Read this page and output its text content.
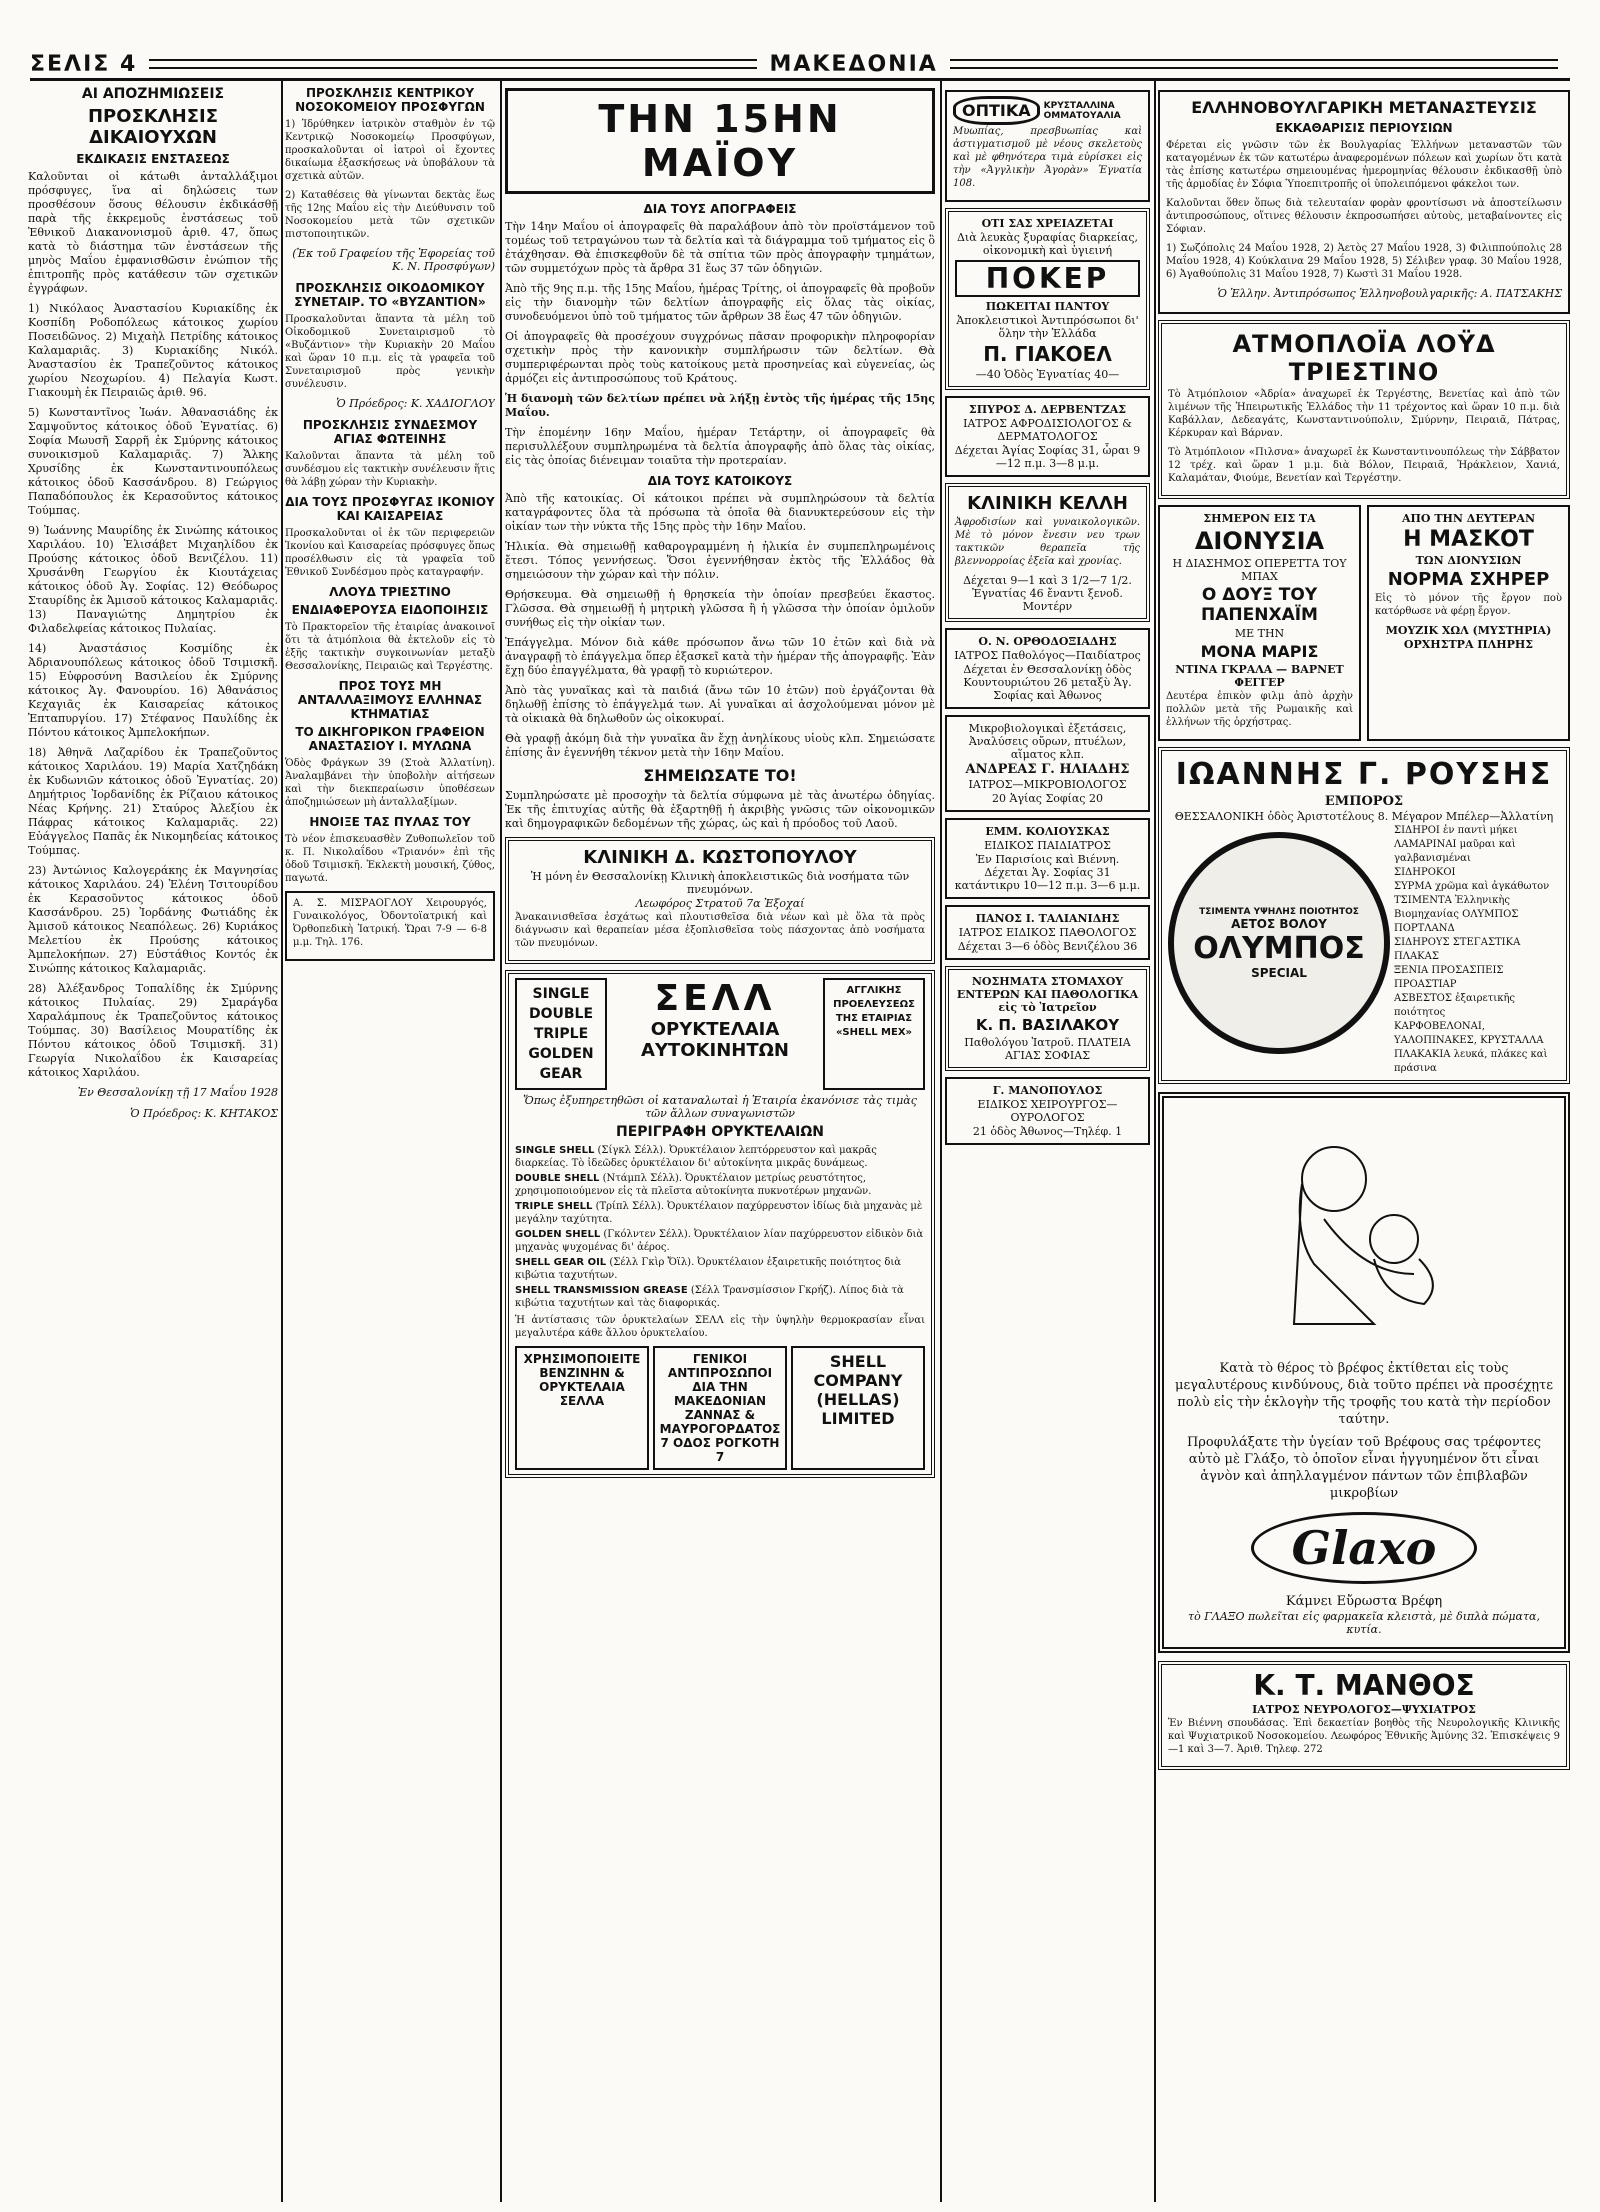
ΣΕΛΙΣ 4	ΜΑΚΕΔΟΝΙΑ
ΑΙ ΑΠΟΖΗΜΙΩΣΕΙΣ
ΠΡΟΣΚΛΗΣΙΣ ΔΙΚΑΙΟΥΧΩΝ
ΕΚΔΙΚΑΣΙΣ ΕΝΣΤΑΣΕΩΣ

Καλοῦνται οἱ κάτωθι ἀνταλλάξιμοι πρόσφυγες, ἵνα αἱ δηλώσεις των προσθέσουν ὅσους θέλουσιν ἐκδικάσθῇ παρὰ τῆς ἐκκρεμοῦς ἐνστάσεως τοῦ Ἐθνικοῦ Διακανονισμοῦ ἀριθ. 47, ὅπως κατὰ τὸ διάστημα τῶν ἐνστάσεων τῆς μηνὸς Μαΐου ἐμφανισθῶσιν ἐνώπιον τῆς ἐπιτροπῆς πρὸς κατάθεσιν τῶν σχετικῶν ἐγγράφων.

1) Νικόλαος Ἀναστασίου Κυριακίδης ἐκ Κοσπίδη Ροδοπόλεως κάτοικος χωρίου Ποσειδῶνος. 2) Μιχαὴλ Πετρίδης κάτοικος Καλαμαριᾶς. 3) Κυριακίδης Νικόλ. Ἀναστασίου ἐκ Τραπεζοῦντος κάτοικος χωρίου Νεοχωρίου. 4) Πελαγία Κωστ. Γιακουμὴ ἐκ Πειραιῶς ἀριθ. 96.

5) Κωνσταντῖνος Ἰωάν. Ἀθανασιάδης ἐκ Σαμψοῦντος κάτοικος ὁδοῦ Ἐγνατίας. 6) Σοφία Μωυσῆ Σαρρῆ ἐκ Σμύρνης κάτοικος συνοικισμοῦ Καλαμαριᾶς. 7) Ἄλκης Χρυσίδης ἐκ Κωνσταντινουπόλεως κάτοικος ὁδοῦ Κασσάνδρου. 8) Γεώργιος Παπαδόπουλος ἐκ Κερασοῦντος κάτοικος Τούμπας.

9) Ἰωάννης Μαυρίδης ἐκ Σινώπης κάτοικος Χαριλάου. 10) Ἐλισάβετ Μιχαηλίδου ἐκ Προύσης κάτοικος ὁδοῦ Βενιζέλου. 11) Χρυσάνθη Γεωργίου ἐκ Κιουτάχειας κάτοικος ὁδοῦ Ἀγ. Σοφίας. 12) Θεόδωρος Σταυρίδης ἐκ Ἀμισοῦ κάτοικος Καλαμαριᾶς. 13) Παναγιώτης Δημητρίου ἐκ Φιλαδελφείας κάτοικος Πυλαίας.

14) Ἀναστάσιος Κοσμίδης ἐκ Ἀδριανουπόλεως κάτοικος ὁδοῦ Τσιμισκῆ. 15) Εὐφροσύνη Βασιλείου ἐκ Σμύρνης κάτοικος Ἀγ. Φανουρίου. 16) Ἀθανάσιος Κεχαγιᾶς ἐκ Καισαρείας κάτοικος Ἑπταπυργίου. 17) Στέφανος Παυλίδης ἐκ Πόντου κάτοικος Ἀμπελοκήπων.

18) Ἀθηνᾶ Λαζαρίδου ἐκ Τραπεζοῦντος κάτοικος Χαριλάου. 19) Μαρία Χατζηδάκη ἐκ Κυδωνιῶν κάτοικος ὁδοῦ Ἐγνατίας. 20) Δημήτριος Ἰορδανίδης ἐκ Ρίζαιου κάτοικος Νέας Κρήνης. 21) Σταύρος Ἀλεξίου ἐκ Πάφρας κάτοικος Καλαμαριᾶς. 22) Εὐάγγελος Παπᾶς ἐκ Νικομηδείας κάτοικος Τούμπας.

23) Ἀντώνιος Καλογεράκης ἐκ Μαγνησίας κάτοικος Χαριλάου. 24) Ἑλένη Τσιτουρίδου ἐκ Κερασοῦντος κάτοικος ὁδοῦ Κασσάνδρου. 25) Ἰορδάνης Φωτιάδης ἐκ Ἀμισοῦ κάτοικος Νεαπόλεως. 26) Κυριάκος Μελετίου ἐκ Προύσης κάτοικος Ἀμπελοκήπων. 27) Εὐστάθιος Κοντός ἐκ Σινώπης κάτοικος Καλαμαριᾶς.

28) Ἀλέξανδρος Τοπαλίδης ἐκ Σμύρνης κάτοικος Πυλαίας. 29) Σμαράγδα Χαραλάμπους ἐκ Τραπεζοῦντος κάτοικος Τούμπας. 30) Βασίλειος Μουρατίδης ἐκ Πόντου κάτοικος ὁδοῦ Τσιμισκῆ. 31) Γεωργία Νικολαΐδου ἐκ Καισαρείας κάτοικος Χαριλάου.

Ἐν Θεσσαλονίκῃ τῇ 17 Μαΐου 1928
Ὁ Πρόεδρος: Κ. ΚΗΤΑΚΟΣ
ΠΡΟΣΚΛΗΣΙΣ ΚΕΝΤΡΙΚΟΥ ΝΟΣΟΚΟΜΕΙΟΥ ΠΡΟΣΦΥΓΩΝ

1) Ἱδρύθηκεν ἰατρικὸν σταθμὸν ἐν τῷ Κεντρικῷ Νοσοκομείῳ Προσφύγων, προσκαλοῦνται οἱ ἰατροὶ οἱ ἔχοντες δικαίωμα ἐξασκήσεως νὰ ὑποβάλουν τὰ σχετικὰ αὐτῶν.

2) Καταθέσεις θὰ γίνωνται δεκτὰς ἕως τῆς 12ης Μαΐου εἰς τὴν Διεύθυνσιν τοῦ Νοσοκομείου μετὰ τῶν σχετικῶν πιστοποιητικῶν.

(Ἐκ τοῦ Γραφείου τῆς Ἐφορείας τοῦ Κ. Ν. Προσφύγων)
ΠΡΟΣΚΛΗΣΙΣ ΟΙΚΟΔΟΜΙΚΟΥ ΣΥΝΕΤΑΙΡ. ΤΟ «ΒΥΖΑΝΤΙΟΝ»

Προσκαλοῦνται ἅπαντα τὰ μέλη τοῦ Οἰκοδομικοῦ Συνεταιρισμοῦ τὸ «Βυζάντιον» τὴν Κυριακὴν 20 Μαΐου καὶ ὥραν 10 π.μ. εἰς τὰ γραφεῖα τοῦ Συνεταιρισμοῦ πρὸς γενικὴν συνέλευσιν.

Ὁ Πρόεδρος: Κ. ΧΑΔΙΟΓΛΟΥ
ΠΡΟΣΚΛΗΣΙΣ ΣΥΝΔΕΣΜΟΥ ΑΓΙΑΣ ΦΩΤΕΙΝΗΣ

Καλοῦνται ἅπαντα τὰ μέλη τοῦ συνδέσμου εἰς τακτικὴν συνέλευσιν ἥτις θὰ λάβῃ χώραν τὴν Κυριακὴν.

ΔΙΑ ΤΟΥΣ ΠΡΟΣΦΥΓΑΣ ΙΚΟΝΙΟΥ ΚΑΙ ΚΑΙΣΑΡΕΙΑΣ

Προσκαλοῦνται οἱ ἐκ τῶν περιφερειῶν Ἰκονίου καὶ Καισαρείας πρόσφυγες ὅπως προσέλθωσιν εἰς τὰ γραφεῖα τοῦ Ἐθνικοῦ Συνδέσμου πρὸς καταγραφήν.

ΛΛΟΥΔ ΤΡΙΕΣΤΙΝΟ
ΕΝΔΙΑΦΕΡΟΥΣΑ ΕΙΔΟΠΟΙΗΣΙΣ

Τὸ Πρακτορεῖον τῆς ἑταιρίας ἀνακοινοῖ ὅτι τὰ ἀτμόπλοια θὰ ἐκτελοῦν εἰς τὸ ἑξῆς τακτικὴν συγκοινωνίαν μεταξὺ Θεσσαλονίκης, Πειραιῶς καὶ Τεργέστης.

ΠΡΟΣ ΤΟΥΣ ΜΗ ΑΝΤΑΛΛΑΞΙΜΟΥΣ ΕΛΛΗΝΑΣ ΚΤΗΜΑΤΙΑΣ
ΤΟ ΔΙΚΗΓΟΡΙΚΟΝ ΓΡΑΦΕΙΟΝ ΑΝΑΣΤΑΣΙΟΥ Ι. ΜΥΛΩΝΑ

Ὁδὸς Φράγκων 39 (Στοὰ Ἀλλατίνη). Ἀναλαμβάνει τὴν ὑποβολὴν αἰτήσεων καὶ τὴν διεκπεραίωσιν ὑποθέσεων ἀποζημιώσεων μὴ ἀνταλλαξίμων.

ΗΝΟΙΞΕ ΤΑΣ ΠΥΛΑΣ ΤΟΥ

Τὸ νέον ἐπισκευασθὲν Ζυθοπωλεῖον τοῦ κ. Π. Νικολαΐδου «Τριανόν» ἐπὶ τῆς ὁδοῦ Τσιμισκῆ. Ἐκλεκτὴ μουσική, ζύθος, παγωτά.

Α. Σ. ΜΙΣΡΑΟΓΛΟΥ Χειρουργός, Γυναικολόγος, Ὀδοντοϊατρική καὶ Ὀρθοπεδικὴ Ἰατρική. Ὥραι 7-9 — 6-8 μ.μ. Τηλ. 176.

ΤΗΝ 15ΗΝ ΜΑΪΟΥ
ΔΙΑ ΤΟΥΣ ΑΠΟΓΡΑΦΕΙΣ

Τὴν 14ην Μαΐου οἱ ἀπογραφεῖς θὰ παραλάβουν ἀπὸ τὸν προϊστάμενον τοῦ τομέως τοῦ τετραγώνου των τὰ δελτία καὶ τὰ διάγραμμα τοῦ τμήματος εἰς ὃ ἐτάχθησαν. Θὰ ἐπισκεφθοῦν δὲ τὰ σπίτια τῶν πρὸς ἀπογραφὴν τμημάτων, τῶν συμμετόχων πρὸς τὰ ἄρθρα 31 ἕως 37 τῶν ὁδηγιῶν.

Ἀπὸ τῆς 9ης π.μ. τῆς 15ης Μαΐου, ἡμέρας Τρίτης, οἱ ἀπογραφεῖς θὰ προβοῦν εἰς τὴν διανομὴν τῶν δελτίων ἀπογραφῆς εἰς ὅλας τὰς οἰκίας, συνοδευόμενοι ὑπὸ τοῦ τμήματος τῶν ἄρθρων 38 ἕως 47 τῶν ὁδηγιῶν.

Οἱ ἀπογραφεῖς θὰ προσέχουν συγχρόνως πᾶσαν προφορικὴν πληροφορίαν σχετικὴν πρὸς τὴν κανονικὴν συμπλήρωσιν τῶν δελτίων. Θὰ συμπεριφέρωνται πρὸς τοὺς κατοίκους μετὰ προσηνείας καὶ εὐγενείας, ὡς ἁρμόζει εἰς ἀντιπροσώπους τοῦ Κράτους.

Ἡ διανομὴ τῶν δελτίων πρέπει νὰ λήξῃ ἐντὸς τῆς ἡμέρας τῆς 15ης Μαΐου.

Τὴν ἑπομένην 16ην Μαΐου, ἡμέραν Τετάρτην, οἱ ἀπογραφεῖς θὰ περισυλλέξουν συμπληρωμένα τὰ δελτία ἀπογραφῆς ἀπὸ ὅλας τὰς οἰκίας, εἰς τὰς ὁποίας διένειμαν τοιαῦτα τὴν προτεραίαν.

ΔΙΑ ΤΟΥΣ ΚΑΤΟΙΚΟΥΣ

Ἀπὸ τῆς κατοικίας. Οἱ κάτοικοι πρέπει νὰ συμπληρώσουν τὰ δελτία καταγράφοντες ὅλα τὰ πρόσωπα τὰ ὁποῖα θὰ διανυκτερεύσουν εἰς τὴν οἰκίαν των τὴν νύκτα τῆς 15ης πρὸς τὴν 16ην Μαΐου.

Ἡλικία. Θὰ σημειωθῇ καθαρογραμμένη ἡ ἡλικία ἐν συμπεπληρωμένοις ἔτεσι. Τόπος γεννήσεως. Ὅσοι ἐγεννήθησαν ἐκτὸς τῆς Ἑλλάδος θὰ σημειώσουν τὴν χώραν καὶ τὴν πόλιν.

Θρήσκευμα. Θὰ σημειωθῇ ἡ θρησκεία τὴν ὁποίαν πρεσβεύει ἕκαστος. Γλῶσσα. Θὰ σημειωθῇ ἡ μητρικὴ γλῶσσα ἢ ἡ γλῶσσα τὴν ὁποίαν ὁμιλοῦν συνήθως εἰς τὴν οἰκίαν των.

Ἐπάγγελμα. Μόνον διὰ κάθε πρόσωπον ἄνω τῶν 10 ἐτῶν καὶ διὰ νὰ ἀναγραφῇ τὸ ἐπάγγελμα ὅπερ ἐξασκεῖ κατὰ τὴν ἡμέραν τῆς ἀπογραφῆς. Ἐὰν ἔχῃ δύο ἐπαγγέλματα, θὰ γραφῇ τὸ κυριώτερον.

Ἀπὸ τὰς γυναῖκας καὶ τὰ παιδιά (ἄνω τῶν 10 ἐτῶν) ποὺ ἐργάζονται θὰ δηλωθῇ ἐπίσης τὸ ἐπάγγελμά των. Αἱ γυναῖκαι αἱ ἀσχολούμεναι μόνον μὲ τὰ οἰκιακὰ θὰ δηλωθοῦν ὡς οἰκοκυραί.

Θὰ γραφῇ ἀκόμη διὰ τὴν γυναῖκα ἂν ἔχῃ ἀνηλίκους υἱοὺς κλπ. Σημειώσατε ἐπίσης ἂν ἐγεννήθη τέκνον μετὰ τὴν 16ην Μαΐου.

ΣΗΜΕΙΩΣΑΤΕ ΤΟ!

Συμπληρώσατε μὲ προσοχὴν τὰ δελτία σύμφωνα μὲ τὰς ἀνωτέρω ὁδηγίας. Ἐκ τῆς ἐπιτυχίας αὐτῆς θὰ ἐξαρτηθῇ ἡ ἀκριβὴς γνῶσις τῶν οἰκονομικῶν καὶ δημογραφικῶν δεδομένων τῆς χώρας, ὡς καὶ ἡ πρόοδος τοῦ Λαοῦ.

ΚΛΙΝΙΚΗ Δ. ΚΩΣΤΟΠΟΥΛΟΥ
Ἡ μόνη ἐν Θεσσαλονίκῃ Κλινικὴ ἀποκλειστικῶς διὰ νοσήματα τῶν πνευμόνων.
Λεωφόρος Στρατοῦ 7α Ἐξοχαί

Ἀνακαινισθεῖσα ἐσχάτως καὶ πλουτισθεῖσα διὰ νέων καὶ μὲ ὅλα τὰ πρὸς διάγνωσιν καὶ θεραπείαν μέσα ἐξοπλισθεῖσα τοὺς πάσχοντας ἀπὸ νοσήματα τῶν πνευμόνων.

SINGLE
DOUBLE
TRIPLE
GOLDEN
GEAR
ΣΕΛΛ
ΟΡΥΚΤΕΛΑΙΑ ΑΥΤΟΚΙΝΗΤΩΝ
ΑΓΓΛΙΚΗΣ ΠΡΟΕΛΕΥΣΕΩΣ ΤΗΣ ΕΤΑΙΡΙΑΣ «SHELL MEX»
Ὅπως ἐξυπηρετηθῶσι οἱ καταναλωταὶ ἡ Ἑταιρία ἐκανόνισε τὰς τιμὰς τῶν ἄλλων συναγωνιστῶν
ΠΕΡΙΓΡΑΦΗ ΟΡΥΚΤΕΛΑΙΩΝ
SINGLE SHELL (Σίγκλ Σέλλ). Ὀρυκτέλαιον λεπτόρρευστον καὶ μακρᾶς διαρκείας. Τὸ ἰδεῶδες ὀρυκτέλαιον δι' αὐτοκίνητα μικρᾶς δυνάμεως.
DOUBLE SHELL (Ντάμπλ Σέλλ). Ὀρυκτέλαιον μετρίως ρευστότητος, χρησιμοποιούμενον εἰς τὰ πλεῖστα αὐτοκίνητα πυκνοτέρων μηχανῶν.
TRIPLE SHELL (Τρίπλ Σέλλ). Ὀρυκτέλαιον παχύρρευστον ἰδίως διὰ μηχανὰς μὲ μεγάλην ταχύτητα.
GOLDEN SHELL (Γκόλντεν Σέλλ). Ὀρυκτέλαιον λίαν παχύρρευστον εἰδικὸν διὰ μηχανὰς ψυχομένας δι' ἀέρος.
SHELL GEAR OIL (Σέλλ Γκὶρ Ὄϊλ). Ὀρυκτέλαιον ἐξαιρετικῆς ποιότητος διὰ κιβώτια ταχυτήτων.
SHELL TRANSMISSION GREASE (Σέλλ Τρανσμίσσιον Γκρήζ). Λίπος διὰ τὰ κιβώτια ταχυτήτων καὶ τὰς διαφορικάς.

Ἡ ἀντίστασις τῶν ὀρυκτελαίων ΣΕΛΛ εἰς τὴν ὑψηλὴν θερμοκρασίαν εἶναι μεγαλυτέρα κάθε ἄλλου ὀρυκτελαίου.

ΧΡΗΣΙΜΟΠΟΙΕΙΤΕ ΒΕΝΖΙΝΗΝ & ΟΡΥΚΤΕΛΑΙΑ ΣΕΛΛΑ
ΓΕΝΙΚΟΙ ΑΝΤΙΠΡΟΣΩΠΟΙ ΔΙΑ ΤΗΝ ΜΑΚΕΔΟΝΙΑΝ ΖΑΝΝΑΣ & ΜΑΥΡΟΓΟΡΔΑΤΟΣ 7 ΟΔΟΣ ΡΟΓΚΟΤΗ 7
SHELL COMPANY (HELLAS) LIMITED
ΟΠΤΙΚΑ	ΚΡΥΣΤΑΛΛΙΝΑ ΟΜΜΑΤΟΥΑΛΙΑ

Μυωπίας, πρεσβυωπίας καὶ ἀστιγματισμοῦ μὲ νέους σκελετοὺς καὶ μὲ φθηνότερα τιμὰ εὑρίσκει εἰς τὴν «Ἀγγλικὴν Ἀγορὰν» Ἐγνατία 108.

ΟΤΙ ΣΑΣ ΧΡΕΙΑΖΕΤΑΙ
Διὰ λευκὰς ξυραφίας διαρκείας, οἰκονομικὴ καὶ ὑγιεινή
ΠΟΚΕΡ
ΠΩΚΕΙΤΑΙ ΠΑΝΤΟΥ
Ἀποκλειστικοὶ Ἀντιπρόσωποι δι' ὅλην τὴν Ἑλλάδα
Π. ΓΙΑΚΟΕΛ
—40 Ὁδὸς Ἐγνατίας 40—
ΣΠΥΡΟΣ Δ. ΔΕΡΒΕΝΤΖΑΣ
ΙΑΤΡΟΣ ΑΦΡΟΔΙΣΙΟΛΟΓΟΣ & ΔΕΡΜΑΤΟΛΟΓΟΣ
Δέχεται Ἁγίας Σοφίας 31, ὧραι 9—12 π.μ. 3—8 μ.μ.
ΚΛΙΝΙΚΗ ΚΕΛΛΗ

Ἀφροδισίων καὶ γυναικολογικῶν. Μὲ τὸ μόνον ἔνεσιν νευ τρων τακτικῶν θεραπεῖα τῆς βλεννορροίας ἐξεῖα καὶ χρονίας.

Δέχεται 9—1 καὶ 3 1/2—7 1/2. Ἐγνατίας 46 ἔναντι ξενοδ. Μοντέρν
Ο. Ν. ΟΡΘΟΔΟΞΙΑΔΗΣ
ΙΑΤΡΟΣ Παθολόγος—Παιδίατρος
Δέχεται ἐν Θεσσαλονίκῃ ὁδὸς Κουντουριώτου 26 μεταξὺ Ἁγ. Σοφίας καὶ Ἀθωνος
Μικροβιολογικαὶ ἐξετάσεις, Ἀναλύσεις οὔρων, πτυέλων, αἵματος κλπ.
ΑΝΔΡΕΑΣ Γ. ΗΛΙΑΔΗΣ
ΙΑΤΡΟΣ—ΜΙΚΡΟΒΙΟΛΟΓΟΣ
20 Ἁγίας Σοφίας 20
ΕΜΜ. ΚΟΛΙΟΥΣΚΑΣ
ΕΙΔΙΚΟΣ ΠΑΙΔΙΑΤΡΟΣ
Ἐν Παρισίοις καὶ Βιέννη. Δέχεται Ἁγ. Σοφίας 31 κατάντικρυ 10—12 π.μ. 3—6 μ.μ.
ΠΑΝΟΣ Ι. ΤΑΛΙΑΝΙΔΗΣ
ΙΑΤΡΟΣ ΕΙΔΙΚΟΣ ΠΑΘΟΛΟΓΟΣ
Δέχεται 3—6 ὁδὸς Βενιζέλου 36
ΝΟΣΗΜΑΤΑ ΣΤΟΜΑΧΟΥ ΕΝΤΕΡΩΝ ΚΑΙ ΠΑΘΟΛΟΓΙΚΑ εἰς τὸ Ἰατρεῖον
Κ. Π. ΒΑΣΙΛΑΚΟΥ
Παθολόγου Ἰατροῦ. ΠΛΑΤΕΙΑ ΑΓΙΑΣ ΣΟΦΙΑΣ
Γ. ΜΑΝΟΠΟΥΛΟΣ
ΕΙΔΙΚΟΣ ΧΕΙΡΟΥΡΓΟΣ—ΟΥΡΟΛΟΓΟΣ
21 ὁδὸς Ἀθωνος—Τηλέφ. 1
ΕΛΛΗΝΟΒΟΥΛΓΑΡΙΚΗ ΜΕΤΑΝΑΣΤΕΥΣΙΣ
ΕΚΚΑΘΑΡΙΣΙΣ ΠΕΡΙΟΥΣΙΩΝ

Φέρεται εἰς γνῶσιν τῶν ἐκ Βουλγαρίας Ἑλλήνων μεταναστῶν τῶν καταγομένων ἐκ τῶν κατωτέρω ἀναφερομένων πόλεων καὶ χωρίων ὅτι κατὰ τὰς ἐπίσης κατωτέρω σημειουμένας ἡμερομηνίας θέλουσιν ἐκδικασθῇ ὑπὸ τῆς ἁρμοδίας ἐν Σόφια Ὑποεπιτροπῆς οἱ ὑπολειπόμενοι φάκελοι των.

Καλοῦνται ὅθεν ὅπως διὰ τελευταίαν φορὰν φροντίσωσι νὰ ἀποστείλωσιν ἀντιπροσώπους, οἵτινες θέλουσιν ἐκπροσωπήσει αὐτοὺς, μεταβαίνοντες εἰς Σόφιαν.

1) Σωζόπολις 24 Μαΐου 1928, 2) Ἀετὸς 27 Μαΐου 1928, 3) Φιλιππούπολις 28 Μαΐου 1928, 4) Κούκλαινα 29 Μαΐου 1928, 5) Σέλιβεν γραφ. 30 Μαΐου 1928, 6) Ἀγαθούπολις 31 Μαΐου 1928, 7) Κωστὶ 31 Μαΐου 1928.

Ὁ Ἑλλην. Ἀντιπρόσωπος Ἑλληνοβουλγαρικῆς: Α. ΠΑΤΣΑΚΗΣ
ΑΤΜΟΠΛΟΪΑ ΛΟΫΔ ΤΡΙΕΣΤΙΝΟ

Τὸ Ἀτμόπλοιον «Ἀδρία» ἀναχωρεῖ ἐκ Τεργέστης, Βενετίας καὶ ἀπὸ τῶν λιμένων τῆς Ἠπειρωτικῆς Ἑλλάδος τὴν 11 τρέχοντος καὶ ὥραν 10 π.μ. διὰ Καβάλλαν, Δεδεαγάτς, Κωνσταντινούπολιν, Σμύρνην, Πειραιᾶ, Πάτρας, Κέρκυραν καὶ Βάρναν.

Τὸ Ἀτμόπλοιον «Πιλσνα» ἀναχωρεῖ ἐκ Κωνσταντινουπόλεως τὴν Σάββατον 12 τρέχ. καὶ ὥραν 1 μ.μ. διὰ Βόλον, Πειραιᾶ, Ἡράκλειον, Χανιά, Καλαμάταν, Φιούμε, Βενετίαν καὶ Τεργέστην.

ΣΗΜΕΡΟΝ ΕΙΣ ΤΑ
ΔΙΟΝΥΣΙΑ
Η ΔΙΑΣΗΜΟΣ ΟΠΕΡΕΤΤΑ ΤΟΥ ΜΠΑΧ
Ο ΔΟΥΞ ΤΟΥ ΠΑΠΕΝΧΑΪΜ
ΜΕ ΤΗΝ
ΜΟΝΑ ΜΑΡΙΣ
ΝΤΙΝΑ ΓΚΡΑΛΑ — ΒΑΡΝΕΤ ΦΕΓΓΕΡ

Δευτέρα ἐπικὸν φιλμ ἀπὸ ἀρχὴν πολλῶν μετὰ τῆς Ρωμαικῆς καὶ ἑλλήνων τῆς ὀρχήστρας.

ΑΠΟ ΤΗΝ ΔΕΥΤΕΡΑΝ
Η ΜΑΣΚΟΤ
ΤΩΝ ΔΙΟΝΥΣΙΩΝ
ΝΟΡΜΑ ΣΧΗΡΕΡ

Εἰς τὸ μόνον τῆς ἔργον ποὺ κατόρθωσε νὰ φέρῃ ἔργον.

ΜΟΥΖΙΚ ΧΩΛ (ΜΥΣΤΗΡΙΑ)
ΟΡΧΗΣΤΡΑ ΠΛΗΡΗΣ
ΙΩΑΝΝΗΣ Γ. ΡΟΥΣΗΣ
ΕΜΠΟΡΟΣ
ΘΕΣΣΑΛΟΝΙΚΗ ὁδὸς Ἀριστοτέλους 8. Μέγαρον Μπέλερ—Ἀλλατίνη
ΤΣΙΜΕΝΤΑ ΥΨΗΛΗΣ ΠΟΙΟΤΗΤΟΣ
ΑΕΤΟΣ ΒΟΛΟΥ
ΟΛΥΜΠΟΣ
SPECIAL
ΣΙΔΗΡΟΙ ἐν παντὶ μήκει
ΛΑΜΑΡΙΝΑΙ μαῦραι καὶ γαλβανισμέναι
ΣΙΔΗΡΟΚΟΙ
ΣΥΡΜΑ χρῶμα καὶ ἀγκάθωτον
ΤΣΙΜΕΝΤΑ Ἑλληνικὴς Βιομηχανίας ΟΛΥΜΠΟΣ ΠΟΡΤΛΑΝΔ
ΣΙΔΗΡΟΥΣ ΣΤΕΓΑΣΤΙΚΑ ΠΛΑΚΑΣ
ΞΕΝΙΑ ΠΡΟΣΑΣΠΕΙΣ ΠΡΟΑΣΤΙΑΡ
ΑΣΒΕΣΤΟΣ ἐξαιρετικῆς ποιότητος
ΚΑΡΦΟΒΕΛΟΝΑΙ, ΥΑΛΟΠΙΝΑΚΕΣ, ΚΡΥΣΤΑΛΛΑ
ΠΛΑΚΑΚΙΑ λευκά, πλάκες καὶ πράσινα

Κατὰ τὸ θέρος τὸ βρέφος ἐκτίθεται εἰς τοὺς μεγαλυτέρους κινδύνους, διὰ τοῦτο πρέπει νὰ προσέχῃτε πολὺ εἰς τὴν ἐκλογὴν τῆς τροφῆς του κατὰ τὴν περίοδον ταύτην.

Προφυλάξατε τὴν ὑγείαν τοῦ Βρέφους σας τρέφοντες αὐτὸ μὲ Γλάξο, τὸ ὁποῖον εἶναι ἠγγυημένον ὅτι εἶναι ἁγνὸν καὶ ἀπηλλαγμένον πάντων τῶν ἐπιβλαβῶν μικροβίων

Glaxo
Κάμνει Εὔρωστα Βρέφη
τὸ ΓΛΑΞΟ πωλεῖται εἰς φαρμακεῖα κλειστὰ, μὲ διπλὰ πώματα, κυτία.
Κ. Τ. ΜΑΝΘΟΣ
ΙΑΤΡΟΣ ΝΕΥΡΟΛΟΓΟΣ—ΨΥΧΙΑΤΡΟΣ

Ἐν Βιέννη σπουδάσας. Ἐπὶ δεκαετίαν βοηθὸς τῆς Νευρολογικῆς Κλινικῆς καὶ Ψυχιατρικοῦ Νοσοκομείου. Λεωφόρος Ἐθνικῆς Ἀμύνης 32. Ἐπισκέψεις 9—1 καὶ 3—7. Ἀριθ. Τηλεφ. 272
